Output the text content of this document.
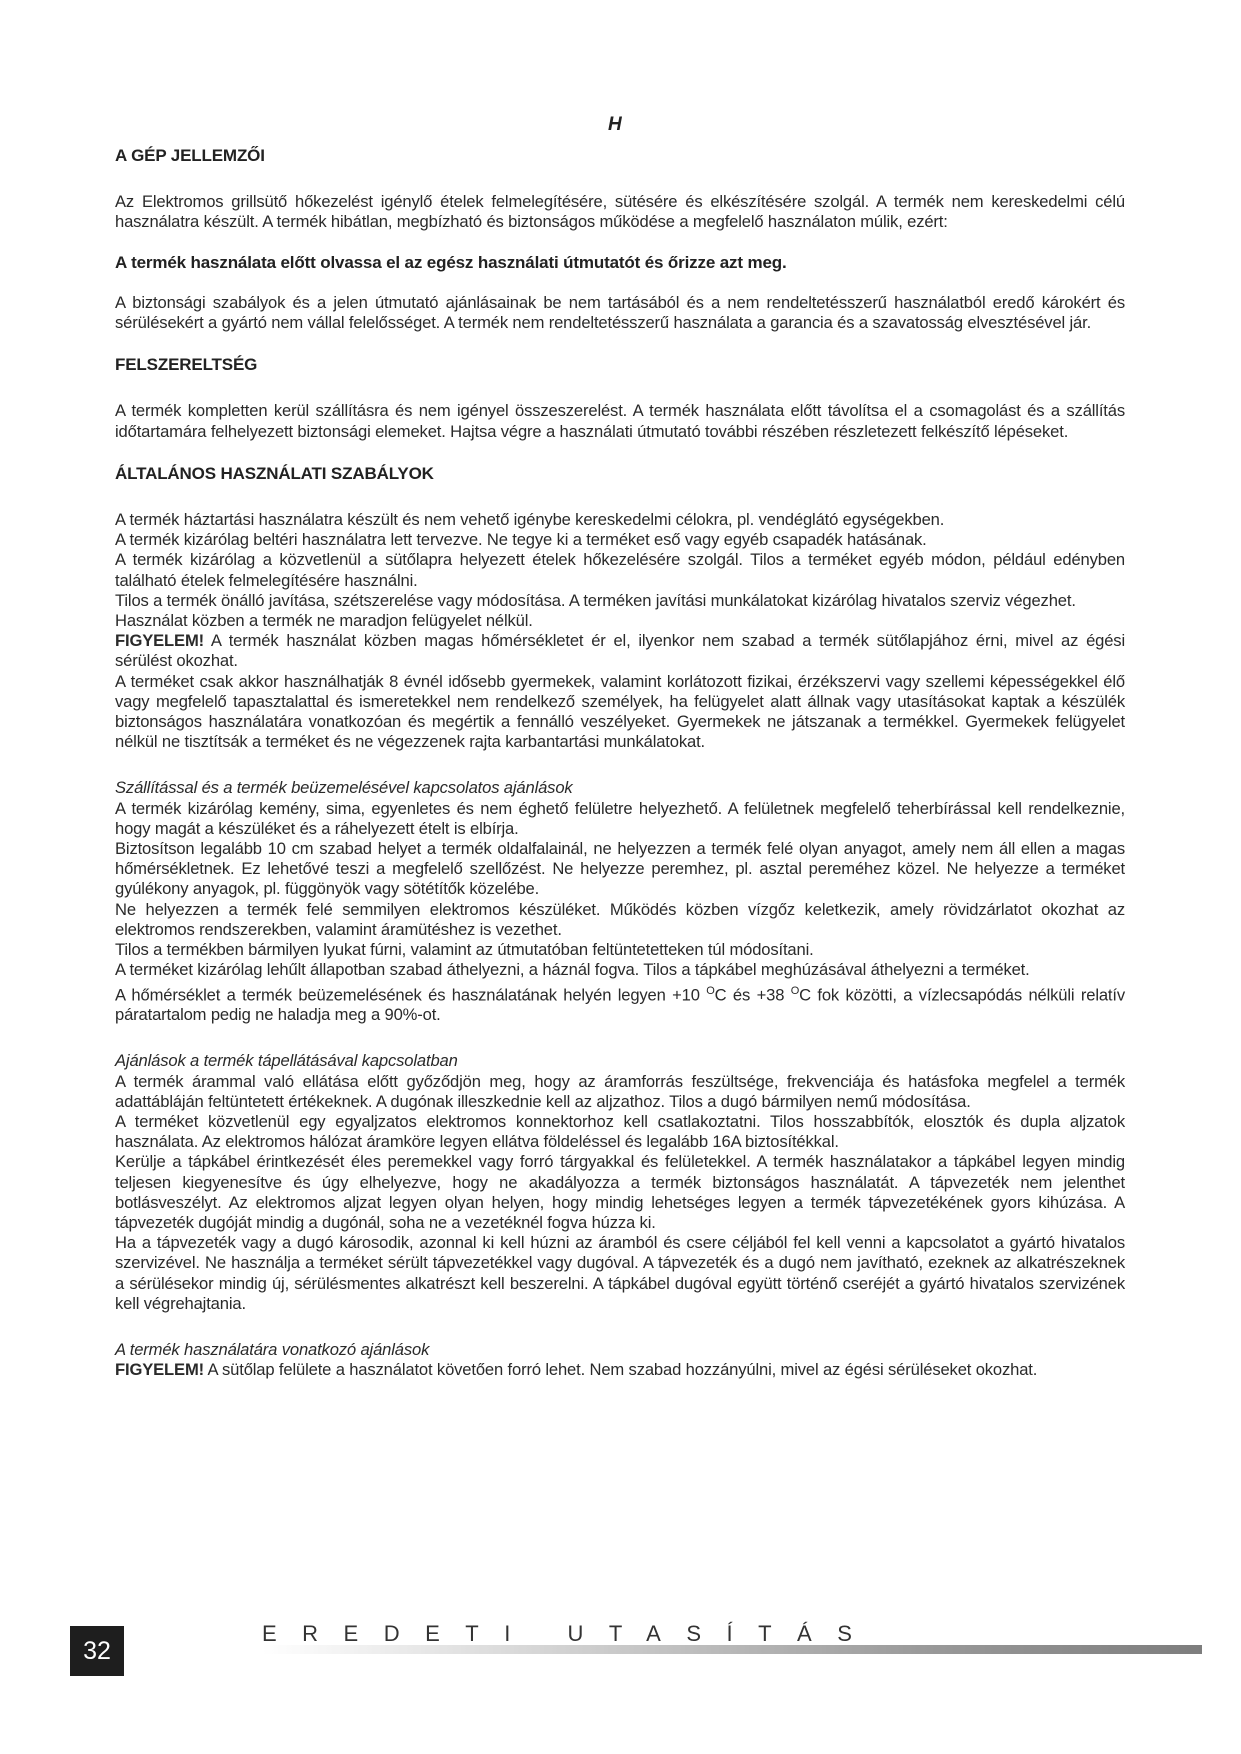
H
A GÉP JELLEMZŐI
Az Elektromos grillsütő hőkezelést igénylő ételek felmelegítésére, sütésére és elkészítésére szolgál. A termék nem kereskedelmi célú használatra készült. A termék hibátlan, megbízható és biztonságos működése a megfelelő használaton múlik, ezért:
A termék használata előtt olvassa el az egész használati útmutatót és őrizze azt meg.
A biztonsági szabályok és a jelen útmutató ajánlásainak be nem tartásából és a nem rendeltetésszerű használatból eredő károkért és sérülésekért a gyártó nem vállal felelősséget. A termék nem rendeltetésszerű használata a garancia és a szavatosság elvesztésével jár.
FELSZERELTSÉG
A termék kompletten kerül szállításra és nem igényel összeszerelést. A termék használata előtt távolítsa el a csomagolást és a szállítás időtartamára felhelyezett biztonsági elemeket. Hajtsa végre a használati útmutató további részében részletezett felkészítő lépéseket.
ÁLTALÁNOS HASZNÁLATI SZABÁLYOK
A termék háztartási használatra készült és nem vehető igénybe kereskedelmi célokra, pl. vendéglátó egységekben.
A termék kizárólag beltéri használatra lett tervezve. Ne tegye ki a terméket eső vagy egyéb csapadék hatásának.
A termék kizárólag a közvetlenül a sütőlapra helyezett ételek hőkezelésére szolgál. Tilos a terméket egyéb módon, például edényben található ételek felmelegítésére használni.
Tilos a termék önálló javítása, szétszerelése vagy módosítása. A terméken javítási munkálatokat kizárólag hivatalos szerviz végezhet.
Használat közben a termék ne maradjon felügyelet nélkül.
FIGYELEM! A termék használat közben magas hőmérsékletet ér el, ilyenkor nem szabad a termék sütőlapjához érni, mivel az égési sérülést okozhat.
A terméket csak akkor használhatják 8 évnél idősebb gyermekek, valamint korlátozott fizikai, érzékszervi vagy szellemi képességekkel élő vagy megfelelő tapasztalattal és ismeretekkel nem rendelkező személyek, ha felügyelet alatt állnak vagy utasításokat kaptak a készülék biztonságos használatára vonatkozóan és megértik a fennálló veszélyeket. Gyermekek ne játszanak a termékkel. Gyermekek felügyelet nélkül ne tisztítsák a terméket és ne végezzenek rajta karbantartási munkálatokat.
Szállítással és a termék beüzemelésével kapcsolatos ajánlások
A termék kizárólag kemény, sima, egyenletes és nem éghető felületre helyezhető. A felületnek megfelelő teherbírással kell rendelkeznie, hogy magát a készüléket és a ráhelyezett ételt is elbírja.
Biztosítson legalább 10 cm szabad helyet a termék oldalfalainál, ne helyezzen a termék felé olyan anyagot, amely nem áll ellen a magas hőmérsékletnek. Ez lehetővé teszi a megfelelő szellőzést. Ne helyezze peremhez, pl. asztal pereméhez közel. Ne helyezze a terméket gyúlékony anyagok, pl. függönyök vagy sötétítők közelébe.
Ne helyezzen a termék felé semmilyen elektromos készüléket. Működés közben vízgőz keletkezik, amely rövidzárlatot okozhat az elektromos rendszerekben, valamint áramütéshez is vezethet.
Tilos a termékben bármilyen lyukat fúrni, valamint az útmutatóban feltüntetetteken túl módosítani.
A terméket kizárólag lehűlt állapotban szabad áthelyezni, a háznál fogva. Tilos a tápkábel meghúzásával áthelyezni a terméket.
A hőmérséklet a termék beüzemelésének és használatának helyén legyen +10 $^O$C és +38 $^O$C fok közötti, a vízlecsapódás nélküli relatív páratartalom pedig ne haladja meg a 90%-ot.
Ajánlások a termék tápellátásával kapcsolatban
A termék árammal való ellátása előtt győződjön meg, hogy az áramforrás feszültsége, frekvenciája és hatásfoka megfelel a termék adattábláján feltüntetett értékeknek. A dugónak illeszkednie kell az aljzathoz. Tilos a dugó bármilyen nemű módosítása.
A terméket közvetlenül egy egyaljzatos elektromos konnektorhoz kell csatlakoztatni. Tilos hosszabbítók, elosztók és dupla aljzatok használata. Az elektromos hálózat áramköre legyen ellátva földeléssel és legalább 16A biztosítékkal.
Kerülje a tápkábel érintkezését éles peremekkel vagy forró tárgyakkal és felületekkel. A termék használatakor a tápkábel legyen mindig teljesen kiegyenesítve és úgy elhelyezve, hogy ne akadályozza a termék biztonságos használatát. A tápvezeték nem jelenthet botlásveszélyt. Az elektromos aljzat legyen olyan helyen, hogy mindig lehetséges legyen a termék tápvezetékének gyors kihúzása. A tápvezeték dugóját mindig a dugónál, soha ne a vezetéknél fogva húzza ki.
Ha a tápvezeték vagy a dugó károsodik, azonnal ki kell húzni az áramból és csere céljából fel kell venni a kapcsolatot a gyártó hivatalos szervizével. Ne használja a terméket sérült tápvezetékkel vagy dugóval. A tápvezeték és a dugó nem javítható, ezeknek az alkatrészeknek a sérülésekor mindig új, sérülésmentes alkatrészt kell beszerelni. A tápkábel dugóval együtt történő cseréjét a gyártó hivatalos szervizének kell végrehajtania.
A termék használatára vonatkozó ajánlások
FIGYELEM! A sütőlap felülete a használatot követően forró lehet. Nem szabad hozzányúlni, mivel az égési sérüléseket okozhat.
32
EREDETI UTASÍTÁS
